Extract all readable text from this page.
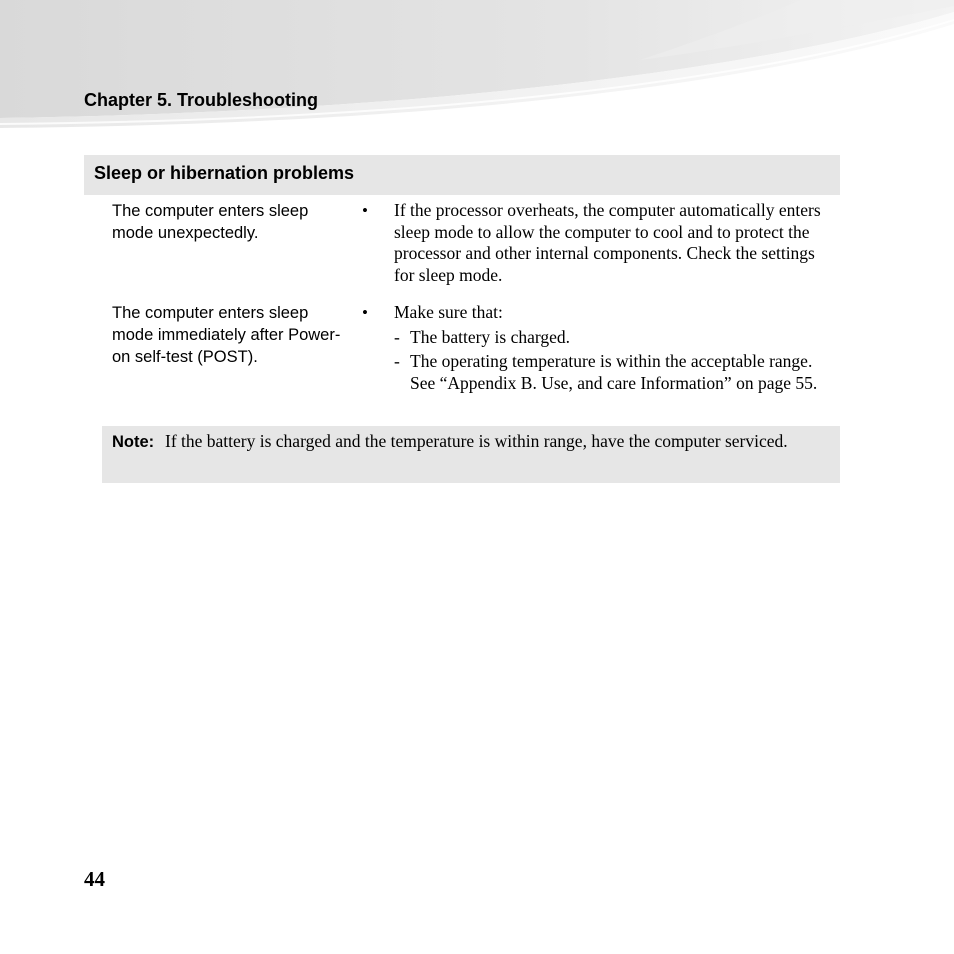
Chapter 5. Troubleshooting
Sleep or hibernation problems
The computer enters sleep mode unexpectedly.
• If the processor overheats, the computer automatically enters sleep mode to allow the computer to cool and to protect the processor and other internal components. Check the settings for sleep mode.

The computer enters sleep mode immediately after Power-on self-test (POST).
• Make sure that:

- The battery is charged.
- The operating temperature is within the acceptable range. See “Appendix B. Use, and care Information” on page 55.
Note: If the battery is charged and the temperature is within range, have the computer serviced.
44
